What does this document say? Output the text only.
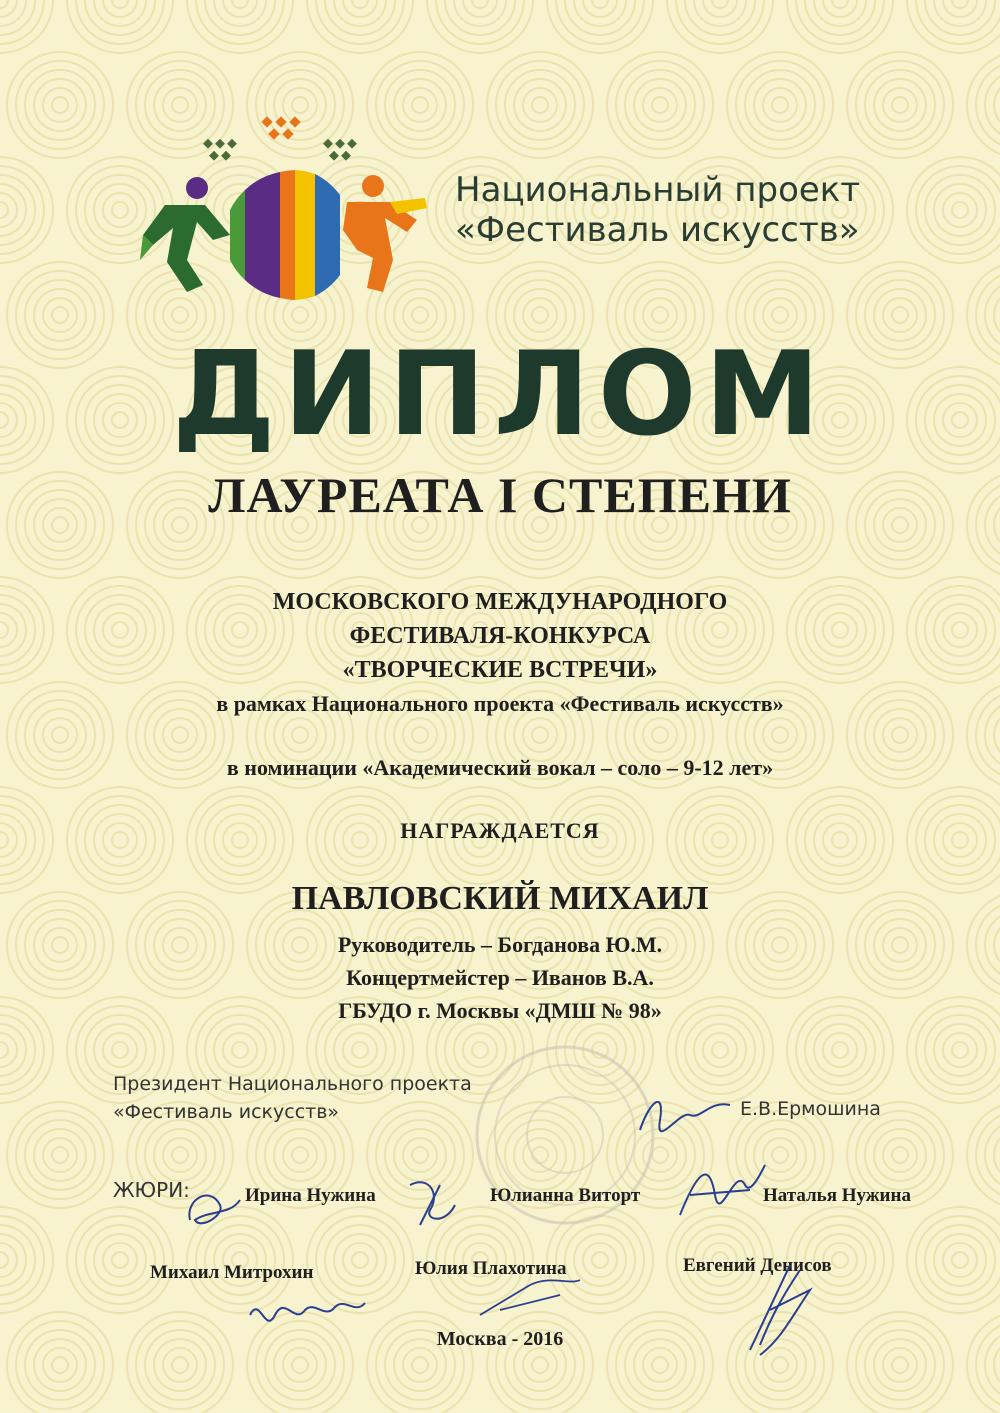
Национальный проект
«Фестиваль искусств»
ДИПЛОМ
ЛАУРЕАТА I СТЕПЕНИ
МОСКОВСКОГО МЕЖДУНАРОДНОГО
ФЕСТИВАЛЯ-КОНКУРСА
«ТВОРЧЕСКИЕ ВСТРЕЧИ»
в рамках Национального проекта «Фестиваль искусств»
в номинации «Академический вокал – соло – 9-12 лет»
НАГРАЖДАЕТСЯ
ПАВЛОВСКИЙ МИХАИЛ
Руководитель – Богданова Ю.М.
Концертмейстер – Иванов В.А.
ГБУДО г. Москвы «ДМШ № 98»
Президент Национального проекта
«Фестиваль искусств»	Е.В.Ермошина
ЖЮРИ:	Ирина Нужина	Юлианна Виторт	Наталья Нужина
Михаил Митрохин	Юлия Плахотина	Евгений Денисов
Москва - 2016
